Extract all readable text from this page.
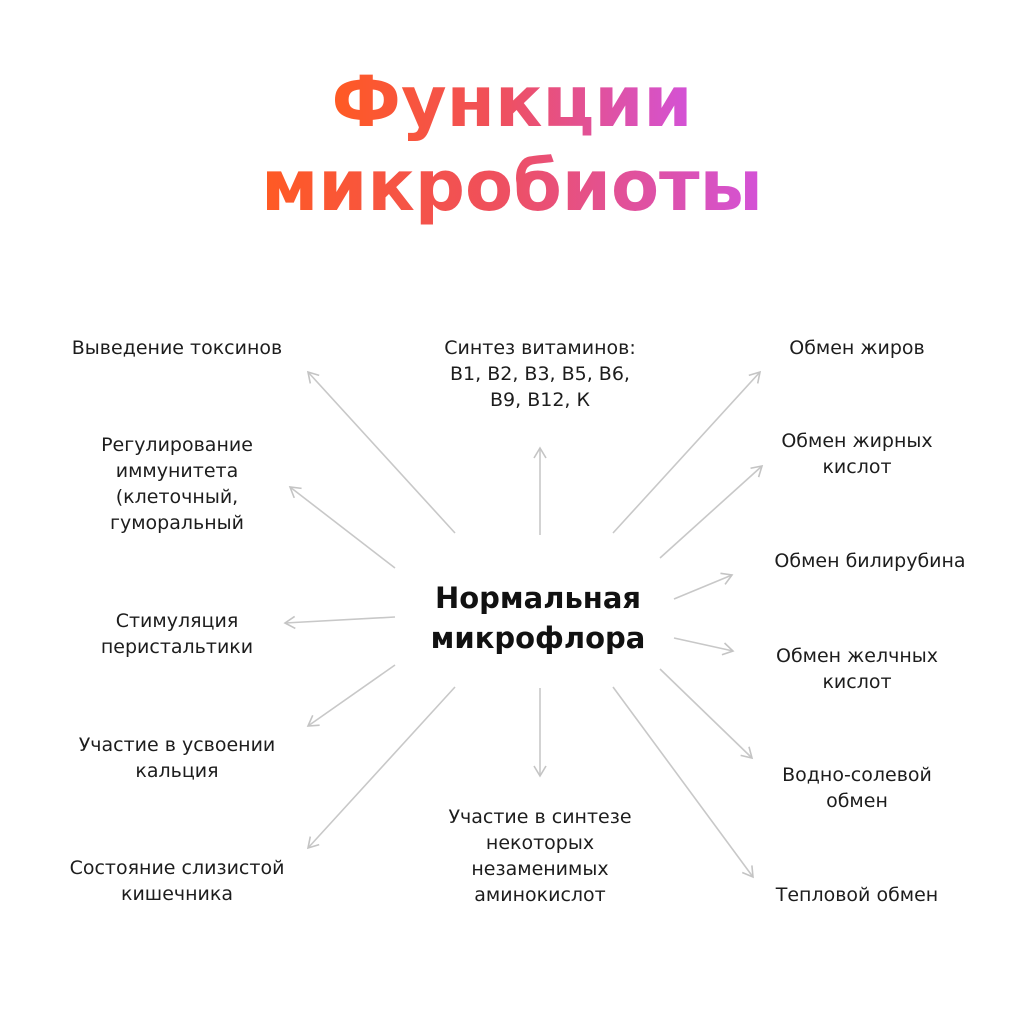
Функции
микробиоты
Нормальная
микрофлора
Выведение токсинов
Регулирование
иммунитета
(клеточный,
гуморальный
Стимуляция
перистальтики
Участие в усвоении
кальция
Состояние слизистой
кишечника
Синтез витаминов:
B1, B2, B3, B5, B6,
B9, B12, К
Участие в синтезе
некоторых
незаменимых
аминокислот
Обмен жиров
Обмен жирных
кислот
Обмен билирубина
Обмен желчных
кислот
Водно-солевой
обмен
Тепловой обмен
